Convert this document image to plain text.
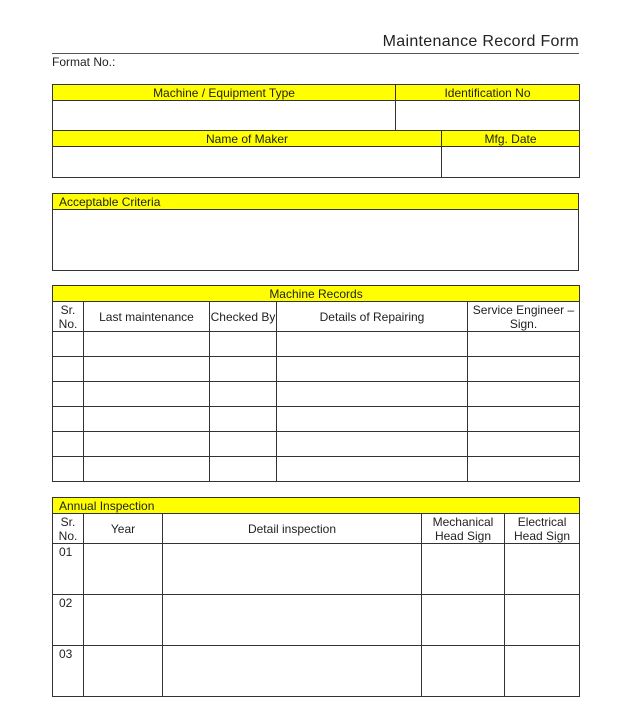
Maintenance Record Form
Format No.:
Machine / Equipment Type	Identification No

Name of Maker	Mfg. Date

Acceptable Criteria

Machine Records				
Sr. No.	Last maintenance	Checked By	Details of Repairing	Service Engineer – Sign.

Annual Inspection				
Sr. No.	Year	Detail inspection	Mechanical Head Sign	Electrical Head Sign
01				
02				
03				
